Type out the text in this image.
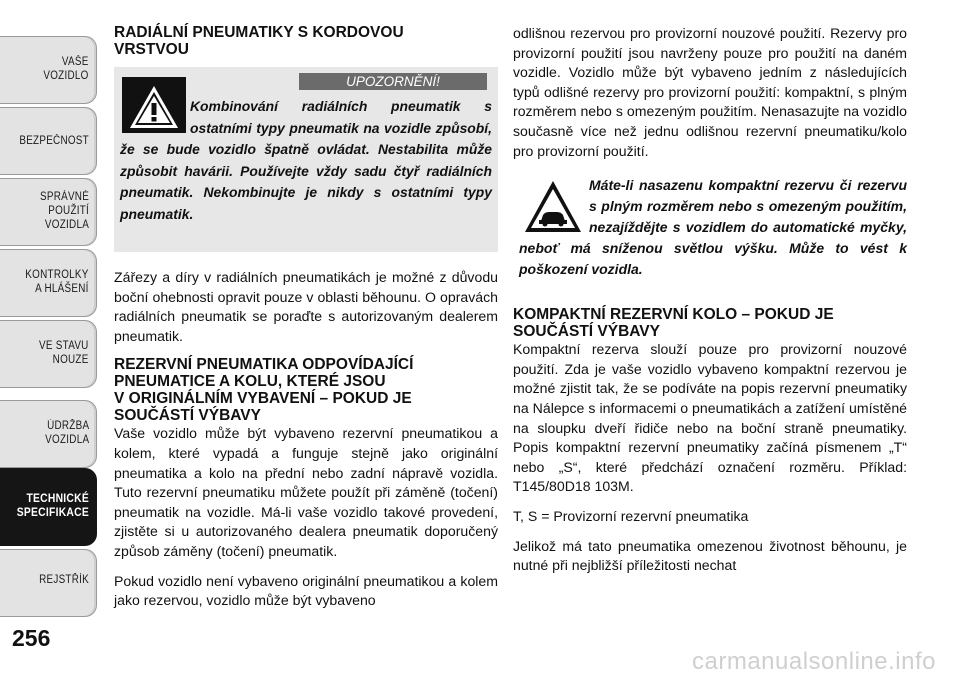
VAŠE
VOZIDLO
BEZPEČNOST
SPRÁVNÉ
POUŽITÍ
VOZIDLA
KONTROLKY
A HLÁŠENÍ
VE STAVU
NOUZE
ÚDRŽBA
VOZIDLA
TECHNICKÉ
SPECIFIKACE
REJSTŘÍK
256
carmanualsonline.info
RADIÁLNÍ PNEUMATIKY S KORDOVOU
VRSTVOU
UPOZORNĚNÍ!

Kombinování radiálních pneumatik s ostatními typy pneumatik na vozidle způsobí, že se bude vozidlo špatně ovládat. Nestabilita může způsobit havárii. Používejte vždy sadu čtyř radiálních pneumatik. Nekombinujte je nikdy s ostatními typy pneumatik.

Zářezy a díry v radiálních pneumatikách je možné z důvodu boční ohebnosti opravit pouze v oblasti běhounu. O opravách radiálních pneumatik se poraďte s autorizovaným dealerem pneumatik.

REZERVNÍ PNEUMATIKA ODPOVÍDAJÍCÍ
PNEUMATICE A KOLU, KTERÉ JSOU
V ORIGINÁLNÍM VYBAVENÍ – POKUD JE
SOUČÁSTÍ VÝBAVY

Vaše vozidlo může být vybaveno rezervní pneumatikou a kolem, které vypadá a funguje stejně jako originální pneumatika a kolo na přední nebo zadní nápravě vozidla. Tuto rezervní pneumatiku můžete použít při záměně (točení) pneumatik na vozidle. Má-li vaše vozidlo takové provedení, zjistěte si u autorizovaného dealera pneumatik doporučený způsob záměny (točení) pneumatik.

Pokud vozidlo není vybaveno originální pneumatikou a kolem jako rezervou, vozidlo může být vybaveno

odlišnou rezervou pro provizorní nouzové použití. Rezervy pro provizorní použití jsou navrženy pouze pro použití na daném vozidle. Vozidlo může být vybaveno jedním z následujících typů odlišné rezervy pro provizorní použití: kompaktní, s plným rozměrem nebo s omezeným použitím. Nenasazujte na vozidlo současně více než jednu odlišnou rezervní pneumatiku/kolo pro provizorní použití.

Máte-li nasazenu kompaktní rezervu či rezervu s plným rozměrem nebo s omezeným použitím, nezajíždějte s vozidlem do automatické myčky, neboť má sníženou světlou výšku. Může to vést k poškození vozidla.

KOMPAKTNÍ REZERVNÍ KOLO – POKUD JE
SOUČÁSTÍ VÝBAVY

Kompaktní rezerva slouží pouze pro provizorní nouzové použití. Zda je vaše vozidlo vybaveno kompaktní rezervou je možné zjistit tak, že se podíváte na popis rezervní pneumatiky na Nálepce s informacemi o pneumatikách a zatížení umístěné na sloupku dveří řidiče nebo na boční straně pneumatiky. Popis kompaktní rezervní pneumatiky začíná písmenem „T“ nebo „S“, které předchází označení rozměru. Příklad: T145/80D18 103M.

T, S = Provizorní rezervní pneumatika

Jelikož má tato pneumatika omezenou životnost běhounu, je nutné při nejbližší příležitosti nechat
